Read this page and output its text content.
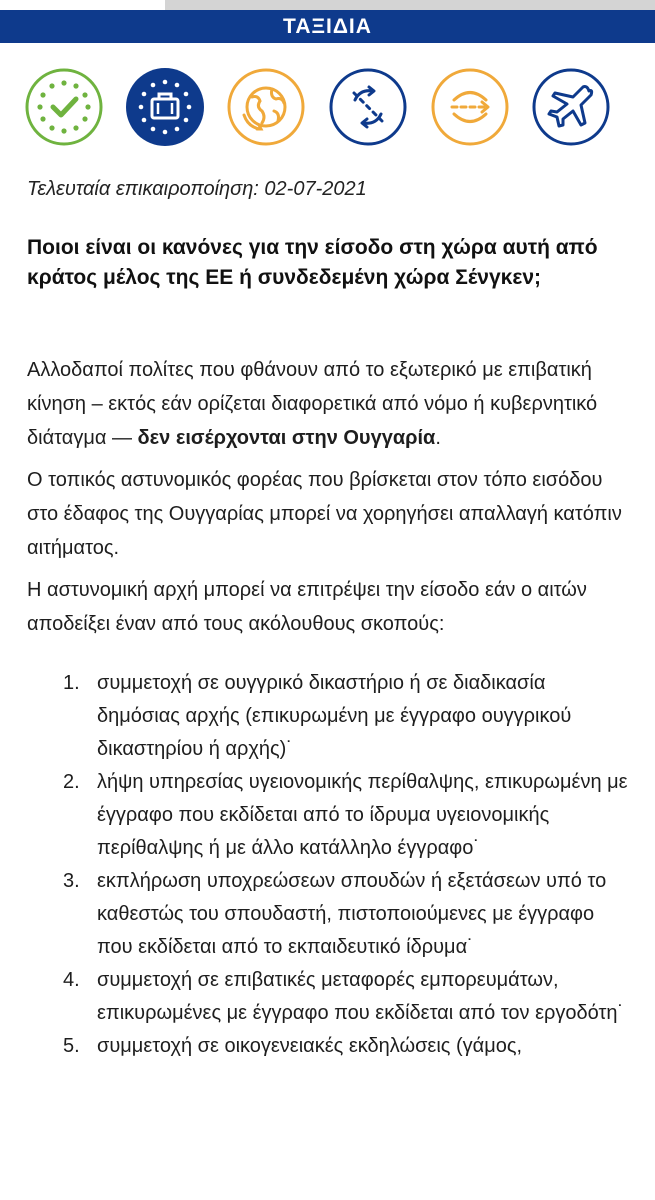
ΤΑΞΙΔΙΑ
Τελευταία επικαιροποίηση: 02-07-2021
Ποιοι είναι οι κανόνες για την είσοδο στη χώρα αυτή από κράτος μέλος της ΕΕ ή συνδεδεμένη χώρα Σένγκεν;

Αλλοδαποί πολίτες που φθάνουν από το εξωτερικό με επιβατική κίνηση – εκτός εάν ορίζεται διαφορετικά από νόμο ή κυβερνητικό διάταγμα — δεν εισέρχονται στην Ουγγαρία.

Ο τοπικός αστυνομικός φορέας που βρίσκεται στον τόπο εισόδου στο έδαφος της Ουγγαρίας μπορεί να χορηγήσει απαλλαγή κατόπιν αιτήματος.

Η αστυνομική αρχή μπορεί να επιτρέψει την είσοδο εάν ο αιτών αποδείξει έναν από τους ακόλουθους σκοπούς:

1. συμμετοχή σε ουγγρικό δικαστήριο ή σε διαδικασία δημόσιας αρχής (επικυρωμένη με έγγραφο ουγγρικού δικαστηρίου ή αρχής)˙
2. λήψη υπηρεσίας υγειονομικής περίθαλψης, επικυρωμένη με έγγραφο που εκδίδεται από το ίδρυμα υγειονομικής περίθαλψης ή με άλλο κατάλληλο έγγραφο˙
3. εκπλήρωση υποχρεώσεων σπουδών ή εξετάσεων υπό το καθεστώς του σπουδαστή, πιστοποιούμενες με έγγραφο που εκδίδεται από το εκπαιδευτικό ίδρυμα˙
4. συμμετοχή σε επιβατικές μεταφορές εμπορευμάτων, επικυρωμένες με έγγραφο που εκδίδεται από τον εργοδότη˙
5. συμμετοχή σε οικογενειακές εκδηλώσεις (γάμος,
